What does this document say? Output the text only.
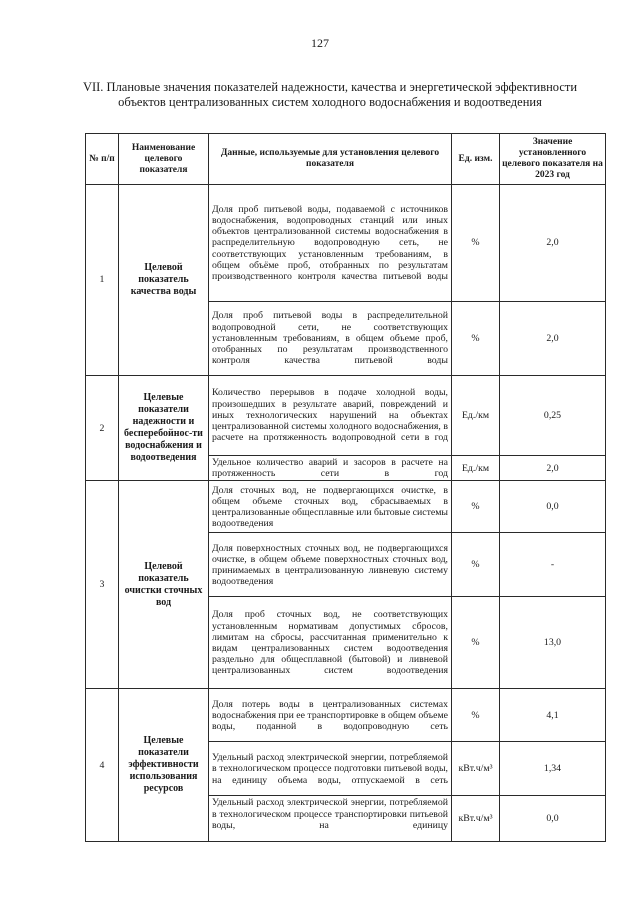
127
VII. Плановые значения показателей надежности, качества и энергетической эффективности объектов централизованных систем холодного водоснабжения и водоотведения
№ п/п	Наименование целевого показателя	Данные, используемые для установления целевого показателя	Ед. изм.	Значение установленного целевого показателя на 2023 год
1	Целевой показатель качества воды	Доля проб питьевой воды, подаваемой с источников водоснабжения, водопроводных станций или иных объектов централизованной системы водоснабжения в распределительную водопроводную сеть, не соответствующих установленным требованиям, в общем объёме проб, отобранных по результатам производственного контроля качества питьевой воды	%	2,0

		Доля проб питьевой воды в распределительной водопроводной сети, не соответствующих установленным требованиям, в общем объеме проб, отобранных по результатам производственного контроля качества питьевой воды	%	2,0
2	Целевые показатели надежности и бесперебойнос-ти водоснабжения и водоотведения	Количество перерывов в подаче холодной воды, произошедших в результате аварий, повреждений и иных технологических нарушений на объектах централизованной системы холодного водоснабжения, в расчете на протяженность водопроводной сети в год	Ед./км	0,25

		Удельное количество аварий и засоров в расчете на протяженность сети в год	Ед./км	2,0
3	Целевой показатель очистки сточных вод	Доля сточных вод, не подвергающихся очистке, в общем объеме сточных вод, сбрасываемых в централизованные общесплавные или бытовые системы водоотведения	%	0,0

		Доля поверхностных сточных вод, не подвергающихся очистке, в общем объеме поверхностных сточных вод, принимаемых в централизованную ливневую систему водоотведения	%	-

		Доля проб сточных вод, не соответствующих установленным нормативам допустимых сбросов, лимитам на сбросы, рассчитанная применительно к видам централизованных систем водоотведения раздельно для общесплавной (бытовой) и ливневой централизованных систем водоотведения	%	13,0
4	Целевые показатели эффективности использования ресурсов	Доля потерь воды в централизованных системах водоснабжения при ее транспортировке в общем объеме воды, поданной в водопроводную сеть	%	4,1

		Удельный расход электрической энергии, потребляемой в технологическом процессе подготовки питьевой воды, на единицу объема воды, отпускаемой в сеть	кВт.ч/м³	1,34

		Удельный расход электрической энергии, потребляемой в технологическом процессе транспортировки питьевой воды, на единицу	кВт.ч/м³	0,0
